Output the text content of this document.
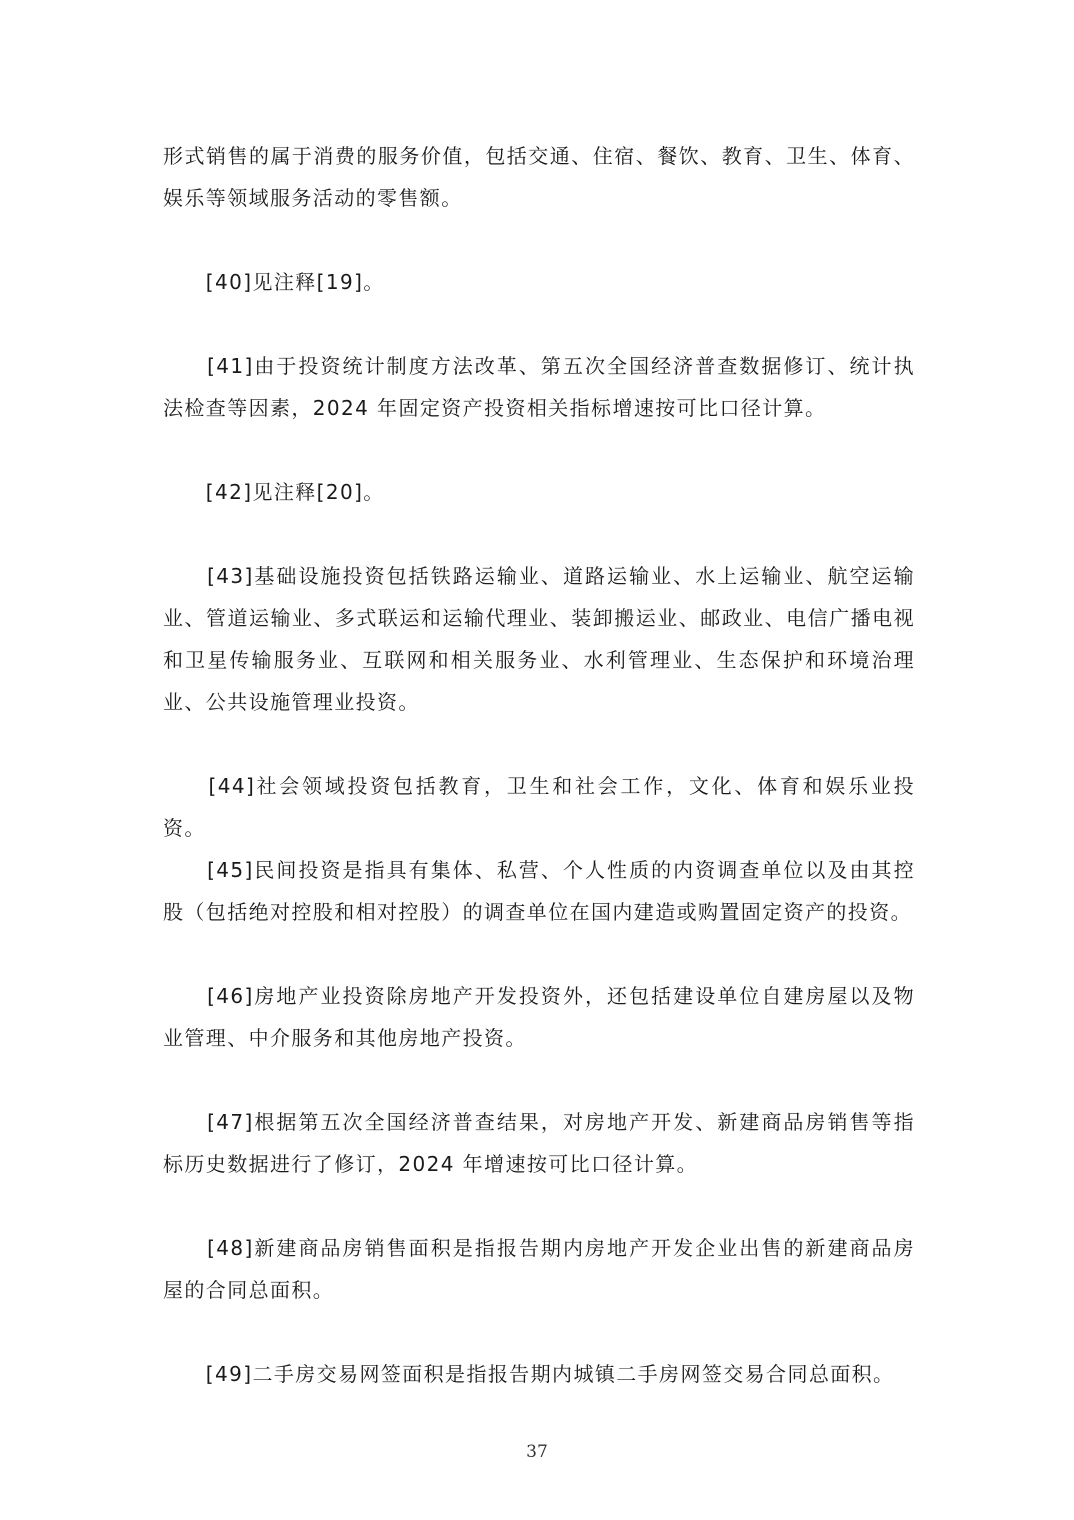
形式销售的属于消费的服务价值，包括交通、住宿、餐饮、教育、卫生、体育、娱乐等领域服务活动的零售额。

　　[40]见注释[19]。

　　[41]由于投资统计制度方法改革、第五次全国经济普查数据修订、统计执法检查等因素，2024 年固定资产投资相关指标增速按可比口径计算。

　　[42]见注释[20]。

　　[43]基础设施投资包括铁路运输业、道路运输业、水上运输业、航空运输业、管道运输业、多式联运和运输代理业、装卸搬运业、邮政业、电信广播电视和卫星传输服务业、互联网和相关服务业、水利管理业、生态保护和环境治理业、公共设施管理业投资。

　　[44]社会领域投资包括教育，卫生和社会工作，文化、体育和娱乐业投资。

　　[45]民间投资是指具有集体、私营、个人性质的内资调查单位以及由其控股（包括绝对控股和相对控股）的调查单位在国内建造或购置固定资产的投资。

　　[46]房地产业投资除房地产开发投资外，还包括建设单位自建房屋以及物业管理、中介服务和其他房地产投资。

　　[47]根据第五次全国经济普查结果，对房地产开发、新建商品房销售等指标历史数据进行了修订，2024 年增速按可比口径计算。

　　[48]新建商品房销售面积是指报告期内房地产开发企业出售的新建商品房屋的合同总面积。

　　[49]二手房交易网签面积是指报告期内城镇二手房网签交易合同总面积。

37
